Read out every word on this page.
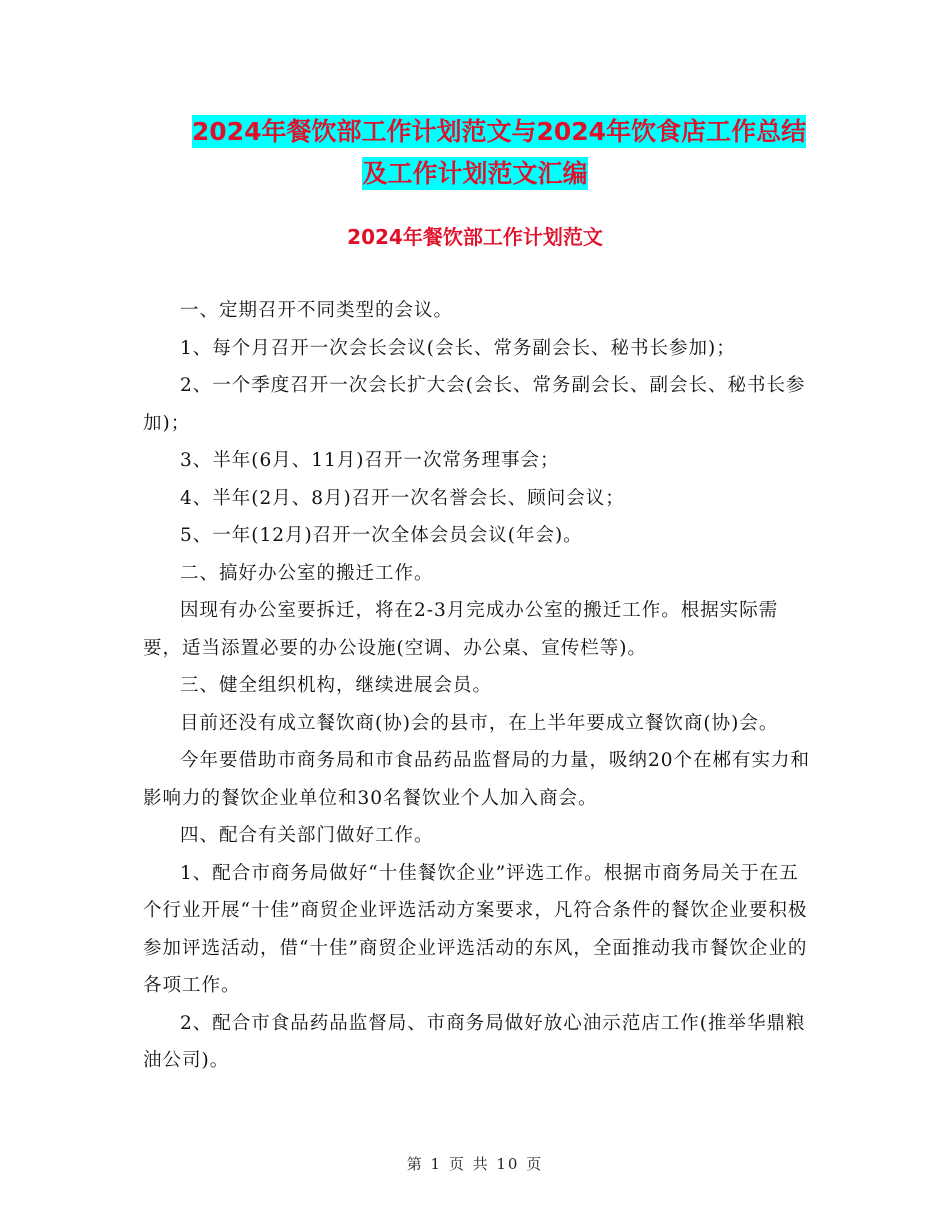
2024年餐饮部工作计划范文与2024年饮食店工作总结
及工作计划范文汇编
2024年餐饮部工作计划范文

一、定期召开不同类型的会议。

1、每个月召开一次会长会议(会长、常务副会长、秘书长参加)；

2、一个季度召开一次会长扩大会(会长、常务副会长、副会长、秘书长参加)；

3、半年(6月、11月)召开一次常务理事会；

4、半年(2月、8月)召开一次名誉会长、顾问会议；

5、一年(12月)召开一次全体会员会议(年会)。

二、搞好办公室的搬迁工作。

因现有办公室要拆迁，将在2-3月完成办公室的搬迁工作。根据实际需要，适当添置必要的办公设施(空调、办公桌、宣传栏等)。

三、健全组织机构，继续进展会员。

目前还没有成立餐饮商(协)会的县市，在上半年要成立餐饮商(协)会。

今年要借助市商务局和市食品药品监督局的力量，吸纳20个在郴有实力和影响力的餐饮企业单位和30名餐饮业个人加入商会。

四、配合有关部门做好工作。

1、配合市商务局做好“十佳餐饮企业”评选工作。根据市商务局关于在五个行业开展“十佳”商贸企业评选活动方案要求，凡符合条件的餐饮企业要积极参加评选活动，借“十佳”商贸企业评选活动的东风，全面推动我市餐饮企业的各项工作。

2、配合市食品药品监督局、市商务局做好放心油示范店工作(推举华鼎粮油公司)。

第 1 页 共 10 页
